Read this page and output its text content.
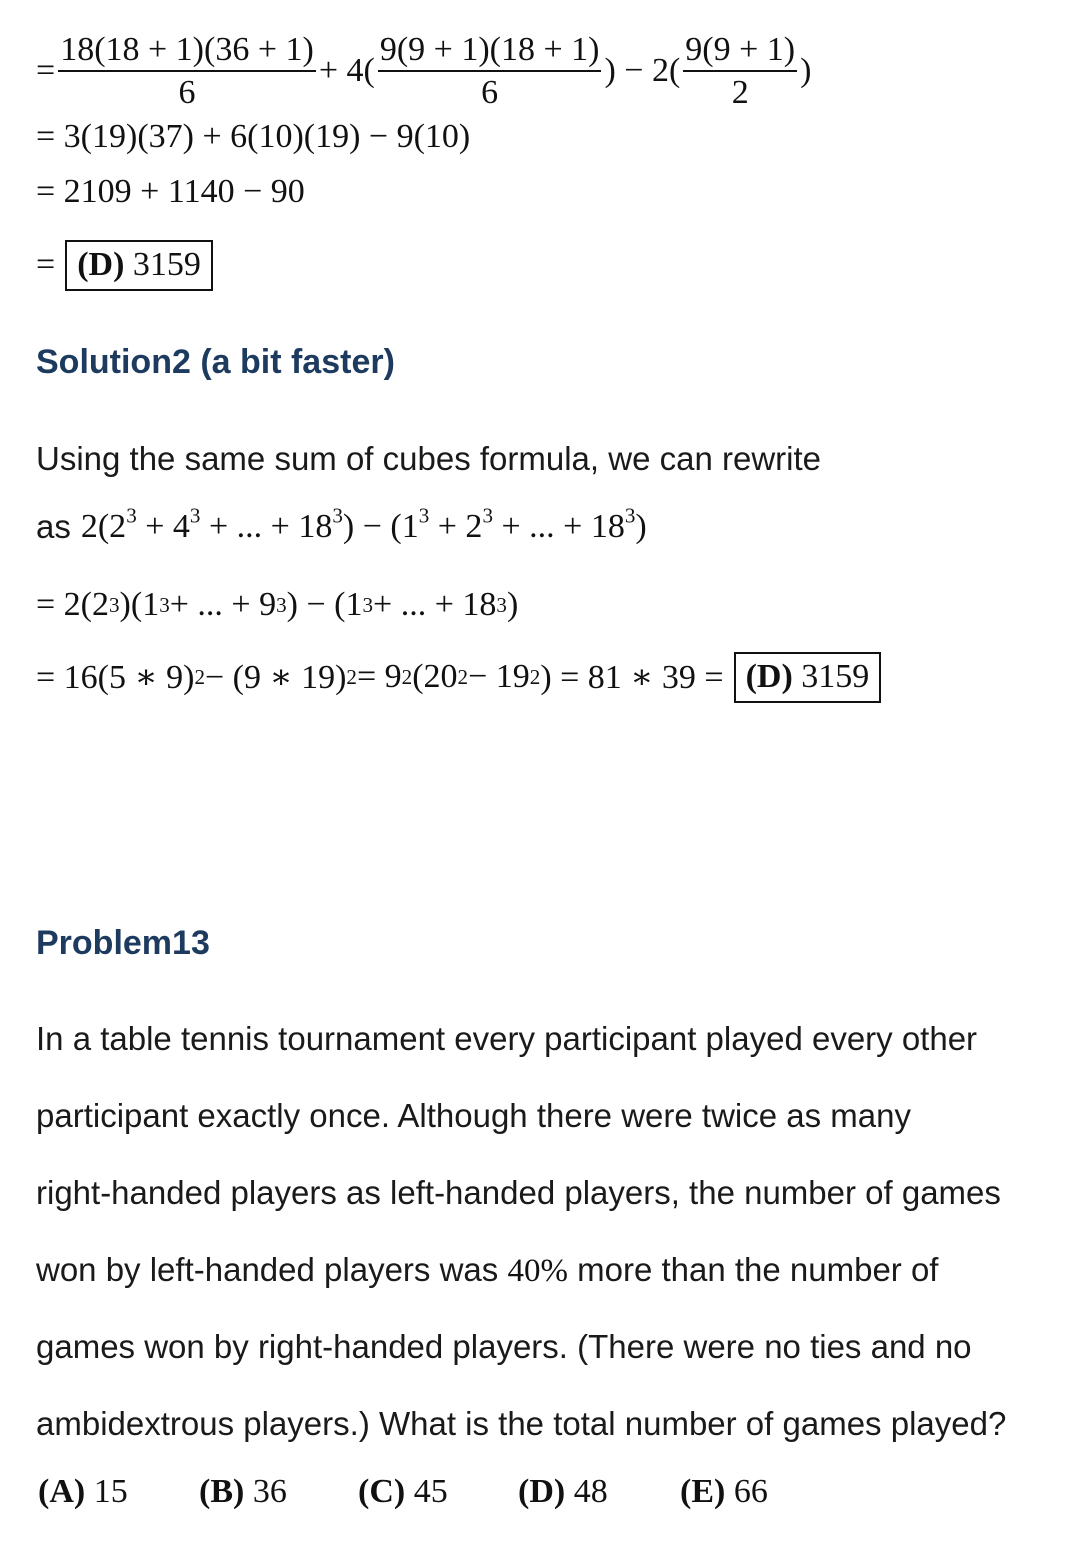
= $\frac{18(18 + 1)(36 + 1)}{6} + 4( \frac{9(9 + 1)(18 + 1)}{6}$ ) − $2( \frac{9(9 + 1)}{2}$ )
= 3(19)(37) + 6(10)(19) − 9(10)
= 2109 + 1140 − 90
= (D) 3159
Solution2 (a bit faster)
Using the same sum of cubes formula, we can rewrite
as $2(2^3 + 4^3$ + ... + $18^3) - (1^3 + 2^3$ + ... + $18^3$)
= 2(2 3 )(1 3 + ... + 9 3 ) − (1 3 + ... + 18 3 )
= 16(5 ∗ 9) 2 − (9 ∗ 19) 2 = 9 2 (20 2 − 19 2 ) = 81 ∗ 39 = (D) 3159
Problem13
In a table tennis tournament every participant played every other
participant exactly once. Although there were twice as many
right-handed players as left-handed players, the number of games
won by left-handed players was 40% more than the number of
games won by right-handed players. (There were no ties and no
ambidextrous players.) What is the total number of games played?
(A) 15 (B) 36 (C) 45 (D) 48 (E) 66
